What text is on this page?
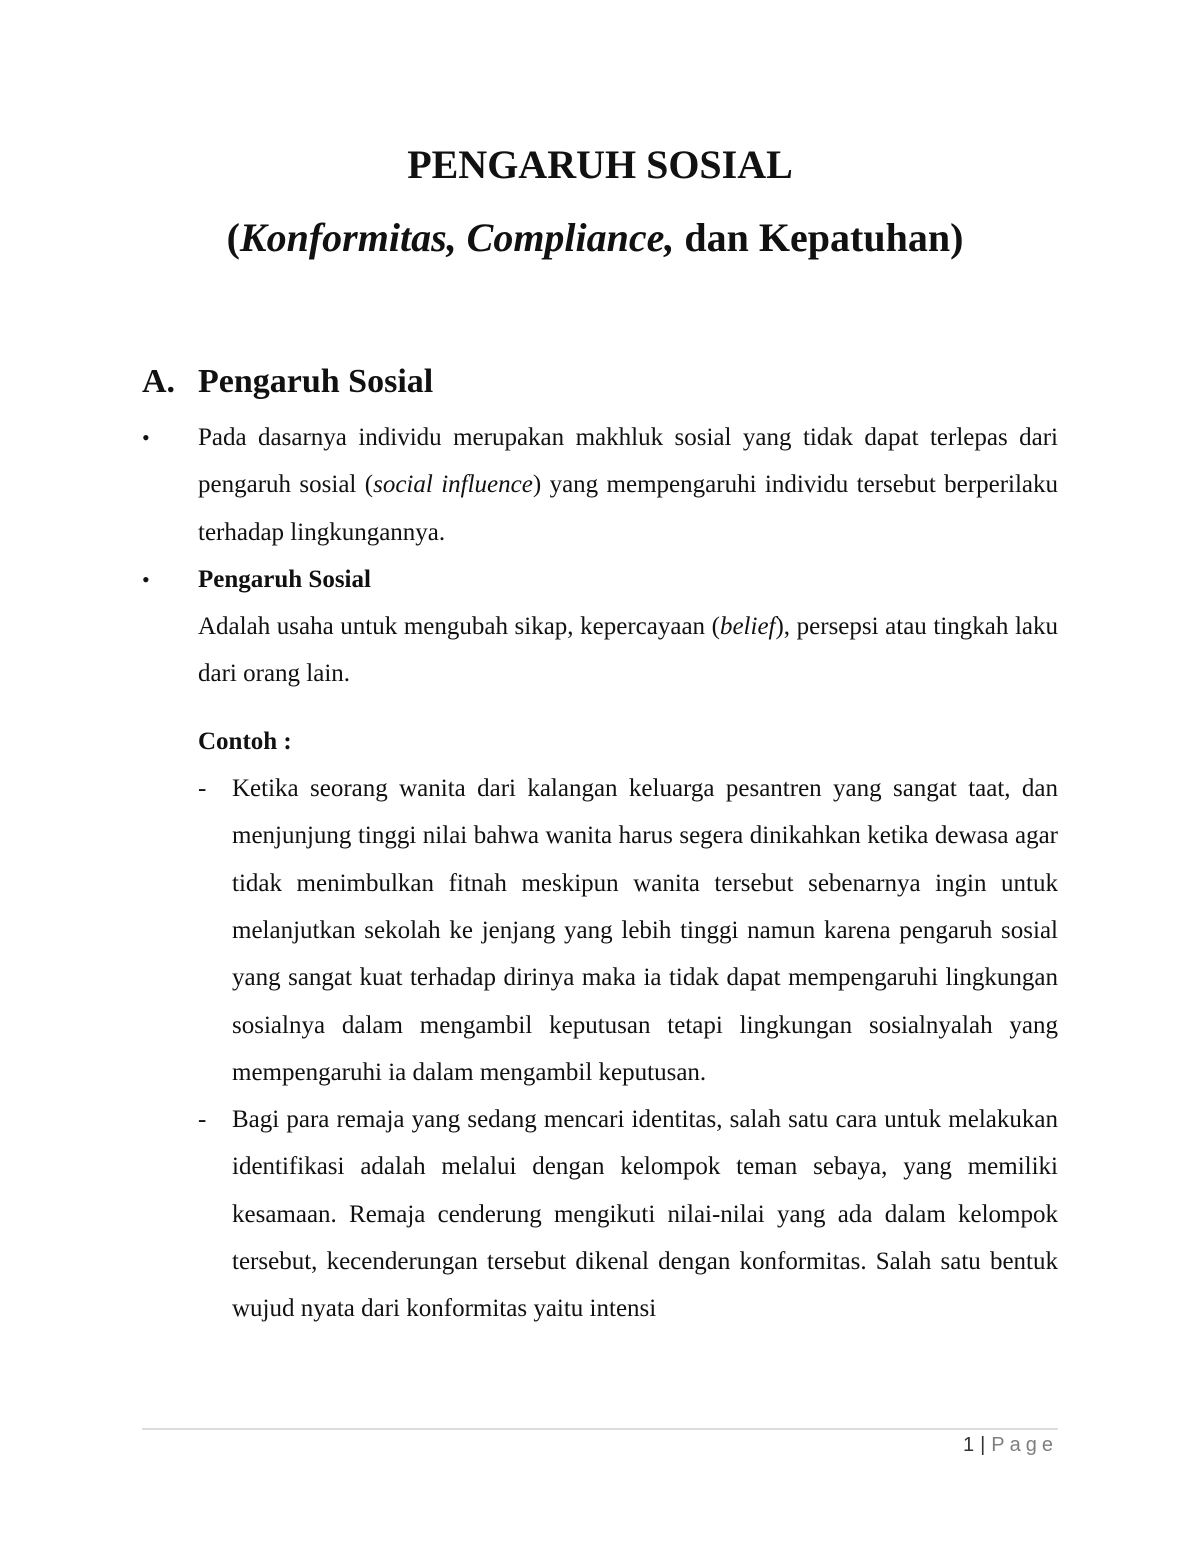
PENGARUH SOSIAL
(Konformitas, Compliance, dan Kepatuhan)
A. Pengaruh Sosial
•	Pada dasarnya individu merupakan makhluk sosial yang tidak dapat terlepas dari pengaruh sosial (social influence) yang mempengaruhi individu tersebut berperilaku terhadap lingkungannya.
•	Pengaruh Sosial
Adalah usaha untuk mengubah sikap, kepercayaan (belief), persepsi atau tingkah laku dari orang lain.
Contoh :
- Ketika seorang wanita dari kalangan keluarga pesantren yang sangat taat, dan menjunjung tinggi nilai bahwa wanita harus segera dinikahkan ketika dewasa agar tidak menimbulkan fitnah meskipun wanita tersebut sebenarnya ingin untuk melanjutkan sekolah ke jenjang yang lebih tinggi namun karena pengaruh sosial yang sangat kuat terhadap dirinya maka ia tidak dapat mempengaruhi lingkungan sosialnya dalam mengambil keputusan tetapi lingkungan sosialnyalah yang mempengaruhi ia dalam mengambil keputusan.
- Bagi para remaja yang sedang mencari identitas, salah satu cara untuk melakukan identifikasi adalah melalui dengan kelompok teman sebaya, yang memiliki kesamaan. Remaja cenderung mengikuti nilai-nilai yang ada dalam kelompok tersebut, kecenderungan tersebut dikenal dengan konformitas. Salah satu bentuk wujud nyata dari konformitas yaitu intensi
1 | Page
